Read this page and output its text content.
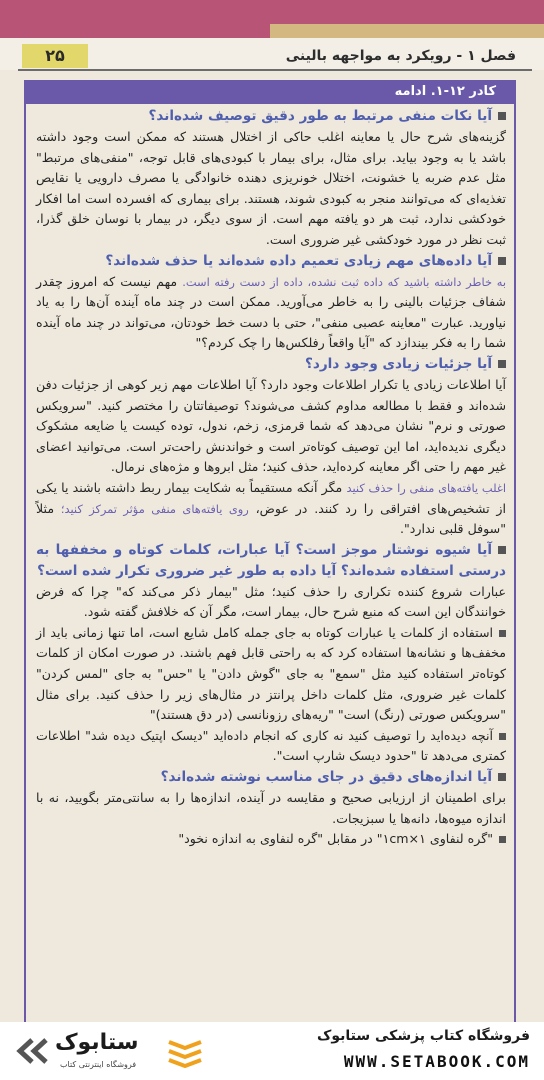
۲۵	فصل ۱ - رویکرد به مواجهه بالینی
کادر ۱۲-۱. ادامه

آیا نکات منفی مرتبط به طور دقیق توصیف شده‌اند؟

گزینه‌های شرح حال یا معاینه اغلب حاکی از اختلال هستند که ممکن است وجود داشته باشد یا به وجود بیاید. برای مثال، برای بیمار با کبودی‌های قابل توجه، "منفی‌های مرتبط" مثل عدم ضربه یا خشونت، اختلال خونریزی دهنده خانوادگی یا مصرف دارویی یا نقایص تغذیه‌ای که می‌توانند منجر به کبودی شوند، هستند. برای بیماری که افسرده است اما افکار خودکشی ندارد، ثبت هر دو یافته مهم است. از سوی دیگر، در بیمار با نوسان خلق گذرا، ثبت نظر در مورد خودکشی غیر ضروری است.

آیا داده‌های مهم زیادی تعمیم داده شده‌اند یا حذف شده‌اند؟

به خاطر داشته باشید که داده ثبت نشده، داده از دست رفته است. مهم نیست که امروز چقدر شفاف جزئیات بالینی را به خاطر می‌آورید. ممکن است در چند ماه آینده آن‌ها را به یاد نیاورید. عبارت "معاینه عصبی منفی"، حتی با دست خط خودتان، می‌تواند در چند ماه آینده شما را به فکر بیندازد که "آیا واقعاً رفلکس‌ها را چک کردم؟"

آیا جزئیات زیادی وجود دارد؟

آیا اطلاعات زیادی یا تکرار اطلاعات وجود دارد؟ آیا اطلاعات مهم زیر کوهی از جزئیات دفن شده‌اند و فقط با مطالعه مداوم کشف می‌شوند؟ توصیفاتتان را مختصر کنید. "سرویکس صورتی و نرم" نشان می‌دهد که شما قرمزی، زخم، ندول، توده کیست یا ضایعه مشکوک دیگری ندیده‌اید، اما این توصیف کوتاه‌تر است و خواندنش راحت‌تر است. می‌توانید اعضای غیر مهم را حتی اگر معاینه کرده‌اید، حذف کنید؛ مثل ابروها و مژه‌های نرمال.

اغلب یافته‌های منفی را حذف کنید مگر آنکه مستقیماً به شکایت بیمار ربط داشته باشند یا یکی از تشخیص‌های افتراقی را رد کنند. در عوض، روی یافته‌های منفی مؤثر تمرکز کنید؛ مثلاً "سوفل قلبی ندارد".

آیا شیوه نوشتار موجز است؟ آیا عبارات، کلمات کوتاه و مخففها به درستی استفاده شده‌اند؟ آیا داده به طور غیر ضروری تکرار شده است؟

عبارات شروع کننده تکراری را حذف کنید؛ مثل "بیمار ذکر می‌کند که" چرا که فرض خوانندگان این است که منبع شرح حال، بیمار است، مگر آن که خلافش گفته شود.

استفاده از کلمات یا عبارات کوتاه به جای جمله کامل شایع است، اما تنها زمانی باید از مخفف‌ها و نشانه‌ها استفاده کرد که به راحتی قابل فهم باشند. در صورت امکان از کلمات کوتاه‌تر استفاده کنید مثل "سمع" به جای "گوش دادن" یا "حس" به جای "لمس کردن" کلمات غیر ضروری، مثل کلمات داخل پرانتز در مثال‌های زیر را حذف کنید. برای مثال "سرویکس صورتی (رنگ) است" "ریه‌های رزونانسی (در دق هستند)"

آنچه دیده‌اید را توصیف کنید نه کاری که انجام داده‌اید "دیسک اپتیک دیده شد" اطلاعات کمتری می‌دهد تا "حدود دیسک شارپ است".

آیا اندازه‌های دقیق در جای مناسب نوشته شده‌اند؟

برای اطمینان از ارزیابی صحیح و مقایسه در آینده، اندازه‌ها را به سانتی‌متر بگویید، نه با اندازه میوه‌ها، دانه‌ها یا سبزیجات.

"گره لنفاوی ۱×۱cm" در مقابل "گره لنفاوی به اندازه نخود"

ستابوک
فروشگاه اینترنتی کتاب
فروشگاه کتاب پزشکی ستابوک
WWW.SETABOOK.COM
